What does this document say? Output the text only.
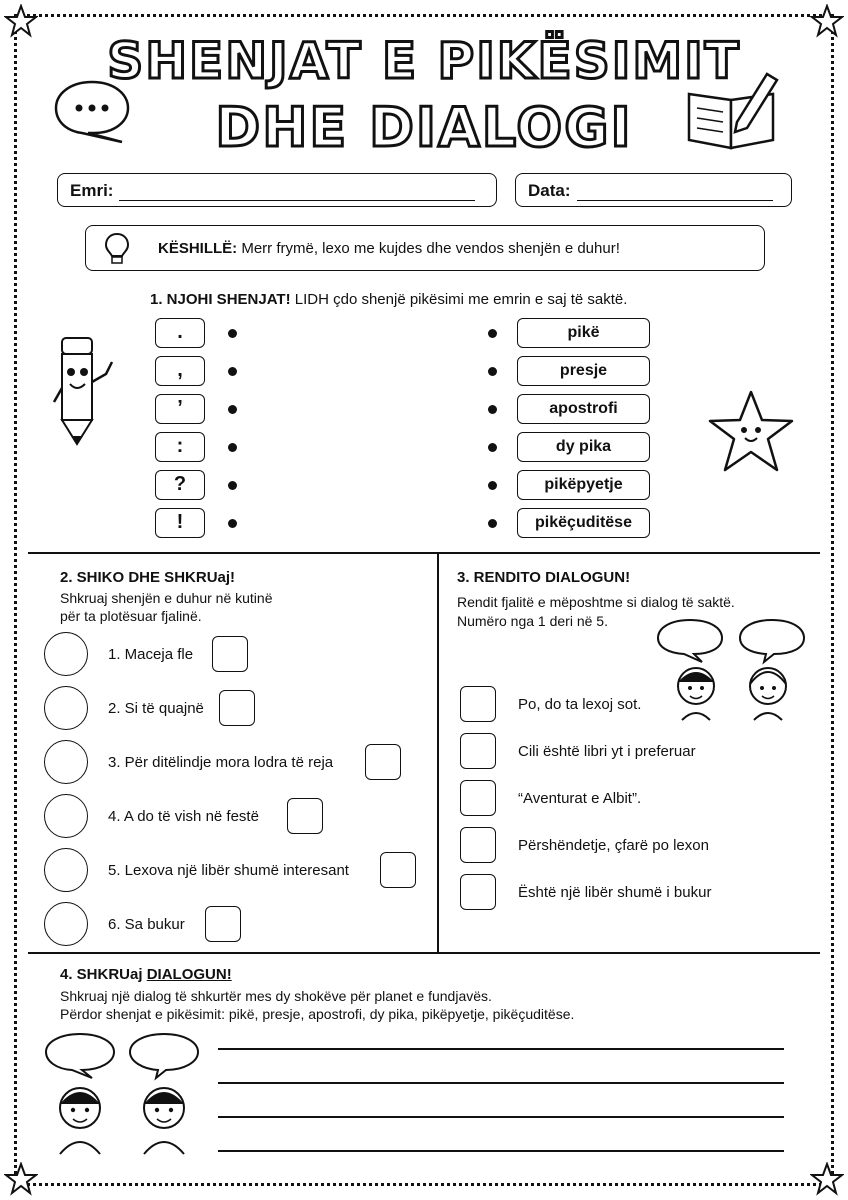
SHENJAT E PIKËSIMIT
DHE DIALOGI
Emri:	Data:
KËSHILLË: Merr frymë, lexo me kujdes dhe vendos shenjën e duhur!
1. NJOHI SHENJAT! LIDH çdo shenjë pikësimi me emrin e saj të saktë.
.	pikë
,	presje
’	apostrofi
:	dy pika
?	pikëpyetje
!	pikëçuditëse
2. SHIKO DHE SHKRUaj!
Shkruaj shenjën e duhur në kutinë
për ta plotësuar fjalinë.
1. Maceja fle
2. Si të quajnë
3. Për ditëlindje mora lodra të reja
4. A do të vish në festë
5. Lexova një libër shumë interesant
6. Sa bukur
3. RENDITO DIALOGUN!
Rendit fjalitë e mëposhtme si dialog të saktë.
Numëro nga 1 deri në 5.
Po, do ta lexoj sot.
Cili është libri yt i preferuar
“Aventurat e Albit”.
Përshëndetje, çfarë po lexon
Është një libër shumë i bukur
4. SHKRUaj DIALOGUN!
Shkruaj një dialog të shkurtër mes dy shokëve për planet e fundjavës.
Përdor shenjat e pikësimit: pikë, presje, apostrofi, dy pika, pikëpyetje, pikëçuditëse.
